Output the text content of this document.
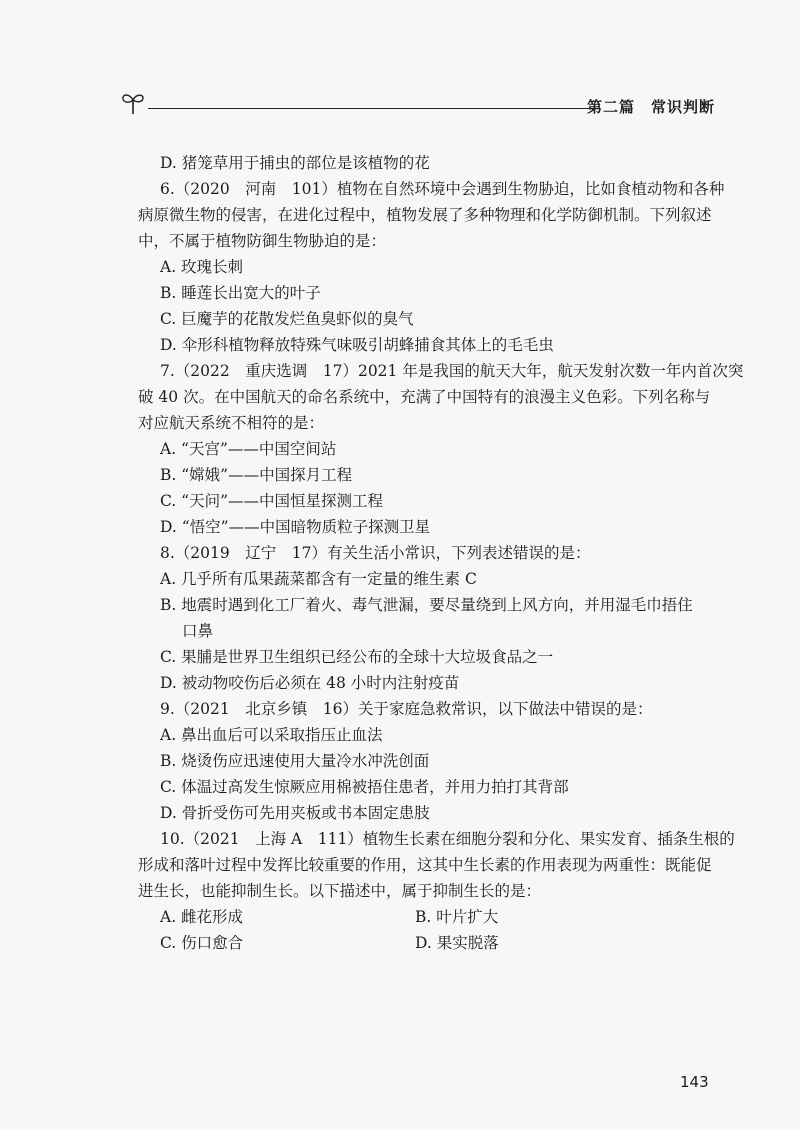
第二篇　常识判断

D. 猪笼草用于捕虫的部位是该植物的花

6.（2020　河南　101）植物在自然环境中会遇到生物胁迫，比如食植动物和各种

病原微生物的侵害，在进化过程中，植物发展了多种物理和化学防御机制。下列叙述

中，不属于植物防御生物胁迫的是：

A. 玫瑰长刺

B. 睡莲长出宽大的叶子

C. 巨魔芋的花散发烂鱼臭虾似的臭气

D. 伞形科植物释放特殊气味吸引胡蜂捕食其体上的毛毛虫

7.（2022　重庆选调　17）2021 年是我国的航天大年，航天发射次数一年内首次突

破 40 次。在中国航天的命名系统中，充满了中国特有的浪漫主义色彩。下列名称与

对应航天系统不相符的是：

A. “天宫”——中国空间站

B. “嫦娥”——中国探月工程

C. “天问”——中国恒星探测工程

D. “悟空”——中国暗物质粒子探测卫星

8.（2019　辽宁　17）有关生活小常识，下列表述错误的是：

A. 几乎所有瓜果蔬菜都含有一定量的维生素 C

B. 地震时遇到化工厂着火、毒气泄漏，要尽量绕到上风方向，并用湿毛巾捂住

口鼻

C. 果脯是世界卫生组织已经公布的全球十大垃圾食品之一

D. 被动物咬伤后必须在 48 小时内注射疫苗

9.（2021　北京乡镇　16）关于家庭急救常识，以下做法中错误的是：

A. 鼻出血后可以采取指压止血法

B. 烧烫伤应迅速使用大量冷水冲洗创面

C. 体温过高发生惊厥应用棉被捂住患者，并用力拍打其背部

D. 骨折受伤可先用夹板或书本固定患肢

10.（2021　上海 A　111）植物生长素在细胞分裂和分化、果实发育、插条生根的

形成和落叶过程中发挥比较重要的作用，这其中生长素的作用表现为两重性：既能促

进生长，也能抑制生长。以下描述中，属于抑制生长的是：

A. 雌花形成	B. 叶片扩大

C. 伤口愈合	D. 果实脱落

143
